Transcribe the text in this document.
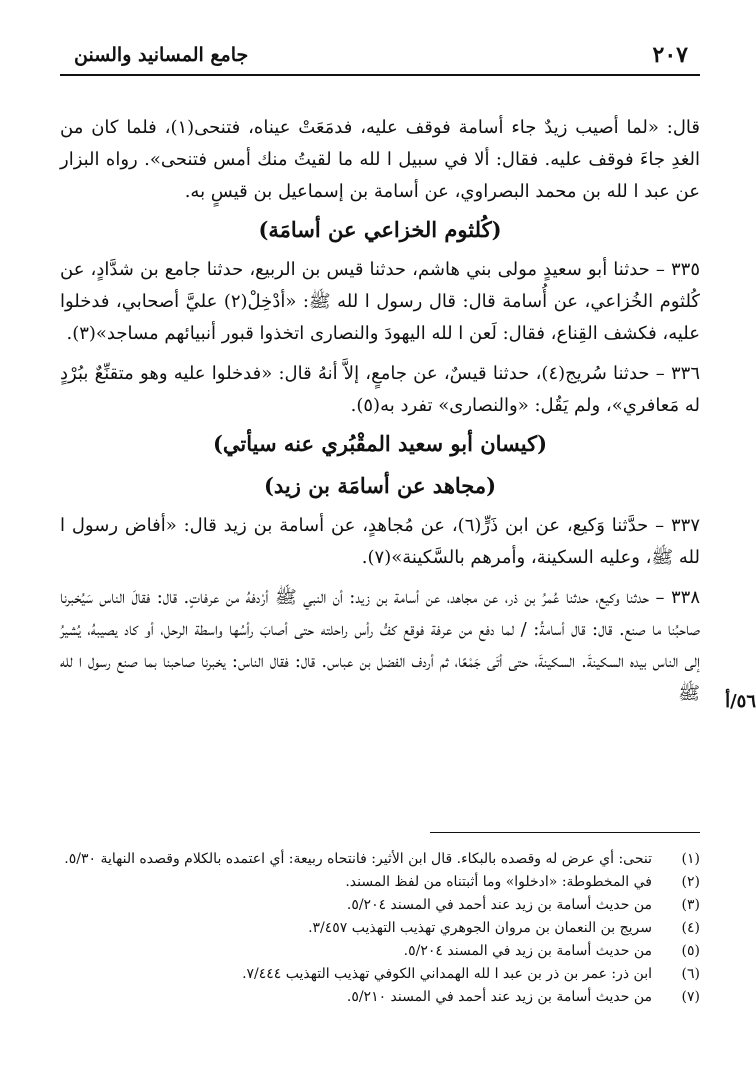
٢٠٧
جامع المسانيد والسنن

قال: «لما أصيب زيدٌ جاء أسامة فوقف عليه، فدمَعَتْ عيناه، فتنحى(١)، فلما كان من الغدِ جاءَ فوقف عليه. فقال: ألا في سبيل ا لله ما لقيتُ منك أمس فتنحى». رواه البزار عن عبد ا لله بن محمد البصراوي، عن أسامة بن إسماعيل بن قيسٍ به.

(كُلثوم الخزاعي عن أسامَة)

٣٣٥ – حدثنا أبو سعيدٍ مولى بني هاشم، حدثنا قيس بن الربيع، حدثنا جامع بن شدَّادٍ، عن كُلثوم الخُزاعي، عن أُسامة قال: قال رسول ا لله ﷺ: «أدْخِلْ(٢) عليَّ أصحابي، فدخلوا عليه، فكشف القِناع، فقال: لَعن ا لله اليهودَ والنصارى اتخذوا قبور أنبيائهم مساجد»(٣).

٣٣٦ – حدثنا سُريج(٤)، حدثنا قيسٌ، عن جامعٍ، إلاَّ أنهُ قال: «فدخلوا عليه وهو متقنِّعٌ ببُرْدٍ له مَعافري»، ولم يَقُل: «والنصارى» تفرد به(٥).

(كيسان أبو سعيد المقْبُري عنه سيأتي)
(مجاهد عن أسامَة بن زيد)

٣٣٧ – حدَّثنا وَكيع، عن ابن ذَرٍّ(٦)، عن مُجاهدٍ، عن أسامة بن زيد قال: «أفاض رسول ا لله ﷺ، وعليه السكينة، وأمرهم بالسَّكينة»(٧).

٣٣٨ – حدثنا وكيع، حدثنا عُمرُ بن ذر، عن مجاهد، عن أسامة بن زيد: أن النبي ﷺ أرْدفهُ من عرفاتٍ. قال: فقالَ الناس سَيُخبرنا صاحبُنا ما صنع. قال: قال أسامةُ: / لما دفع من عرفة فوقع كفُّ رأس راحلته حتى أصابَ رأسُها واسطة الرحل، أو كاد يصيبهُ، يُشيرُ إلى الناس بيده السكينةَ. السكينةَ، حتى أتَى جَمْعًا، ثم أردف الفضل بن عباس. قال: فقال الناس: يخبرنا صاحبنا بما صنع رسول ا لله ﷺ ٥٦/أ
(١)
تنحى: أي عرض له وقصده بالبكاء. قال ابن الأثير: فانتحاه ربيعة: أي اعتمده بالكلام وقصده النهاية ٥/٣٠.
(٢)
في المخطوطة: «ادخلوا» وما أثبتناه من لفظ المسند.
(٣)
من حديث أسامة بن زيد عند أحمد في المسند ٥/٢٠٤.
(٤)
سريج بن النعمان بن مروان الجوهري تهذيب التهذيب ٣/٤٥٧.
(٥)
من حديث أسامة بن زيد في المسند ٥/٢٠٤.
(٦)
ابن ذر: عمر بن ذر بن عبد ا لله الهمداني الكوفي تهذيب التهذيب ٧/٤٤٤.
(٧)
من حديث أسامة بن زيد عند أحمد في المسند ٥/٢١٠.
